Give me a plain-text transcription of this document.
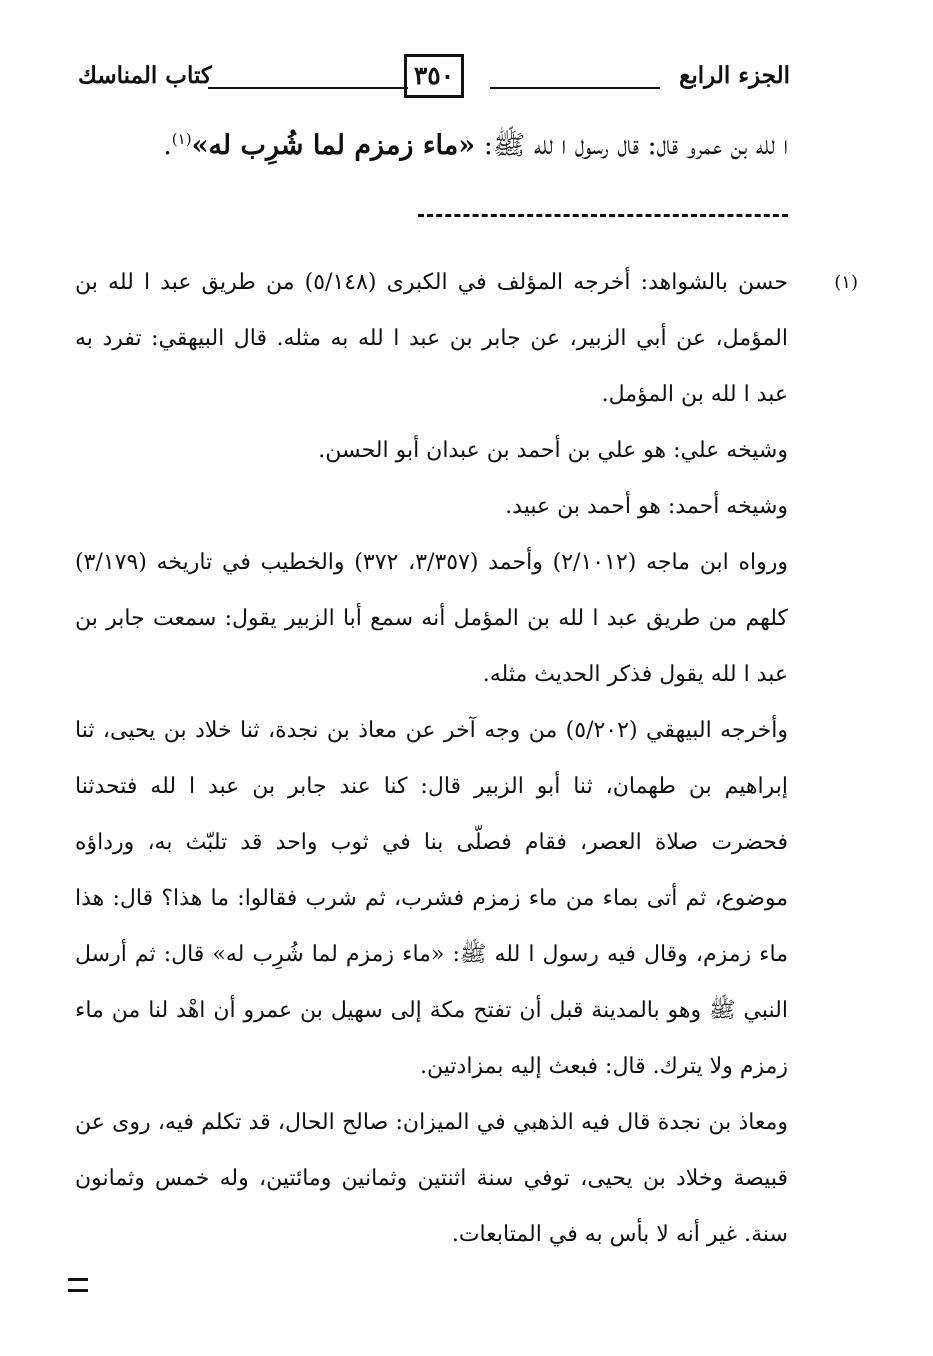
الجزء الرابع
٣٥٠
كتاب المناسك
ا لله بن عمرو قال: قال رسول ا لله ﷺ: «ماء زمزم لما شُرِب له»$^{(١)}$.
(١)

حسن بالشواهد: أخرجه المؤلف في الكبرى (٥/١٤٨) من طريق عبد ا لله بن المؤمل، عن أبي الزبير، عن جابر بن عبد ا لله به مثله. قال البيهقي: تفرد به عبد ا لله بن المؤمل.

وشيخه علي: هو علي بن أحمد بن عبدان أبو الحسن.

وشيخه أحمد: هو أحمد بن عبيد.

ورواه ابن ماجه (٢/١٠١٢) وأحمد (٣/٣٥٧، ٣٧٢) والخطيب في تاريخه (٣/١٧٩) كلهم من طريق عبد ا لله بن المؤمل أنه سمع أبا الزبير يقول: سمعت جابر بن عبد ا لله يقول فذكر الحديث مثله.

وأخرجه البيهقي (٥/٢٠٢) من وجه آخر عن معاذ بن نجدة، ثنا خلاد بن يحيى، ثنا إبراهيم بن طهمان، ثنا أبو الزبير قال: كنا عند جابر بن عبد ا لله فتحدثنا فحضرت صلاة العصر، فقام فصلّى بنا في ثوب واحد قد تلبّث به، ورداؤه موضوع، ثم أتى بماء من ماء زمزم فشرب، ثم شرب فقالوا: ما هذا؟ قال: هذا ماء زمزم، وقال فيه رسول ا لله ﷺ: «ماء زمزم لما شُرِب له» قال: ثم أرسل النبي ﷺ وهو بالمدينة قبل أن تفتح مكة إلى سهيل بن عمرو أن اهْد لنا من ماء زمزم ولا يترك. قال: فبعث إليه بمزادتين.

ومعاذ بن نجدة قال فيه الذهبي في الميزان: صالح الحال، قد تكلم فيه، روى عن قبيصة وخلاد بن يحيى، توفي سنة اثنتين وثمانين ومائتين، وله خمس وثمانون سنة. غير أنه لا بأس به في المتابعات.
